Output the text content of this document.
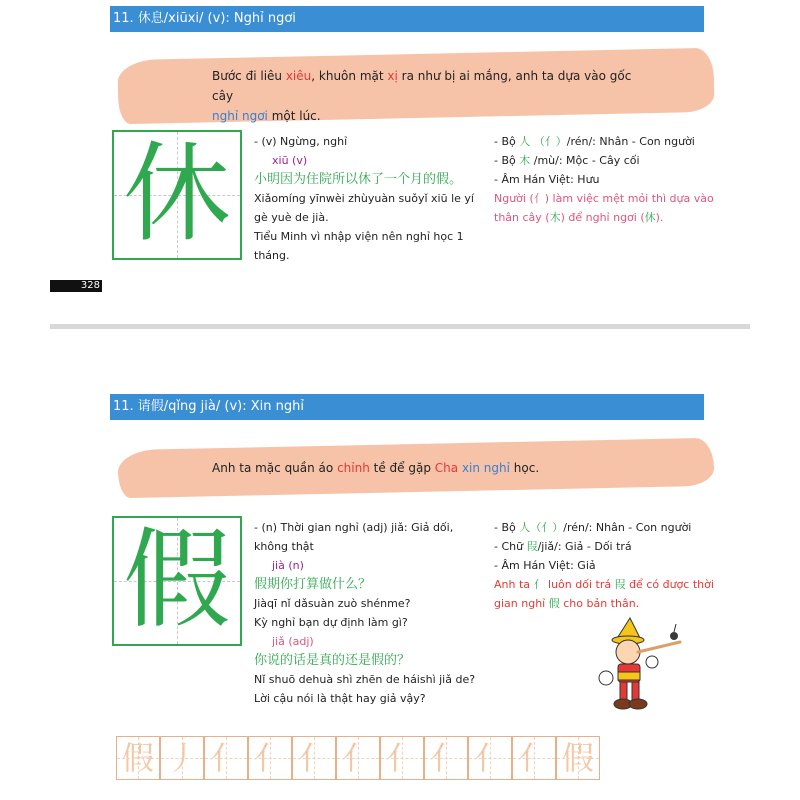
11. 休息/xiūxi/ (v): Nghỉ ngơi
Bước đi liêu xiêu, khuôn mặt xị ra như bị ai mắng, anh ta dựa vào gốc cây
nghỉ ngơi một lúc.
休	- (v) Ngừng, nghỉ
xiū (v)
小明因为住院所以休了一个月的假。
Xiǎomíng yīnwèi zhùyuàn suǒyǐ xiū le yí gè yuè de jià.
Tiểu Minh vì nhập viện nên nghỉ học 1 tháng.
- Bộ 人 （亻）/rén/: Nhân - Con người
- Bộ 木 /mù/: Mộc - Cây cối
- Âm Hán Việt: Hưu
Người (亻) làm việc mệt mỏi thì dựa vào thân cây (木) để nghỉ ngơi (休).
328
11. 请假/qǐng jià/ (v): Xin nghỉ
Anh ta mặc quần áo chỉnh tề để gặp Cha xin nghỉ học.
假	- (n) Thời gian nghỉ (adj) jiǎ: Giả dối, không thật
jià (n)
假期你打算做什么？
Jiàqī nǐ dǎsuàn zuò shénme?
Kỳ nghỉ bạn dự định làm gì?
jiǎ (adj)
你说的话是真的还是假的？
Nǐ shuō dehuà shì zhēn de háishì jiǎ de?
Lời cậu nói là thật hay giả vậy?
- Bộ 人（亻）/rén/: Nhân - Con người
- Chữ 叚/jiǎ/: Giả - Dối trá
- Âm Hán Việt: Giả
Anh ta 亻 luôn dối trá 叚 để có được thời gian nghỉ 假 cho bản thân.
假 丿 亻 亻 亻 亻 亻 亻 亻 亻 假
